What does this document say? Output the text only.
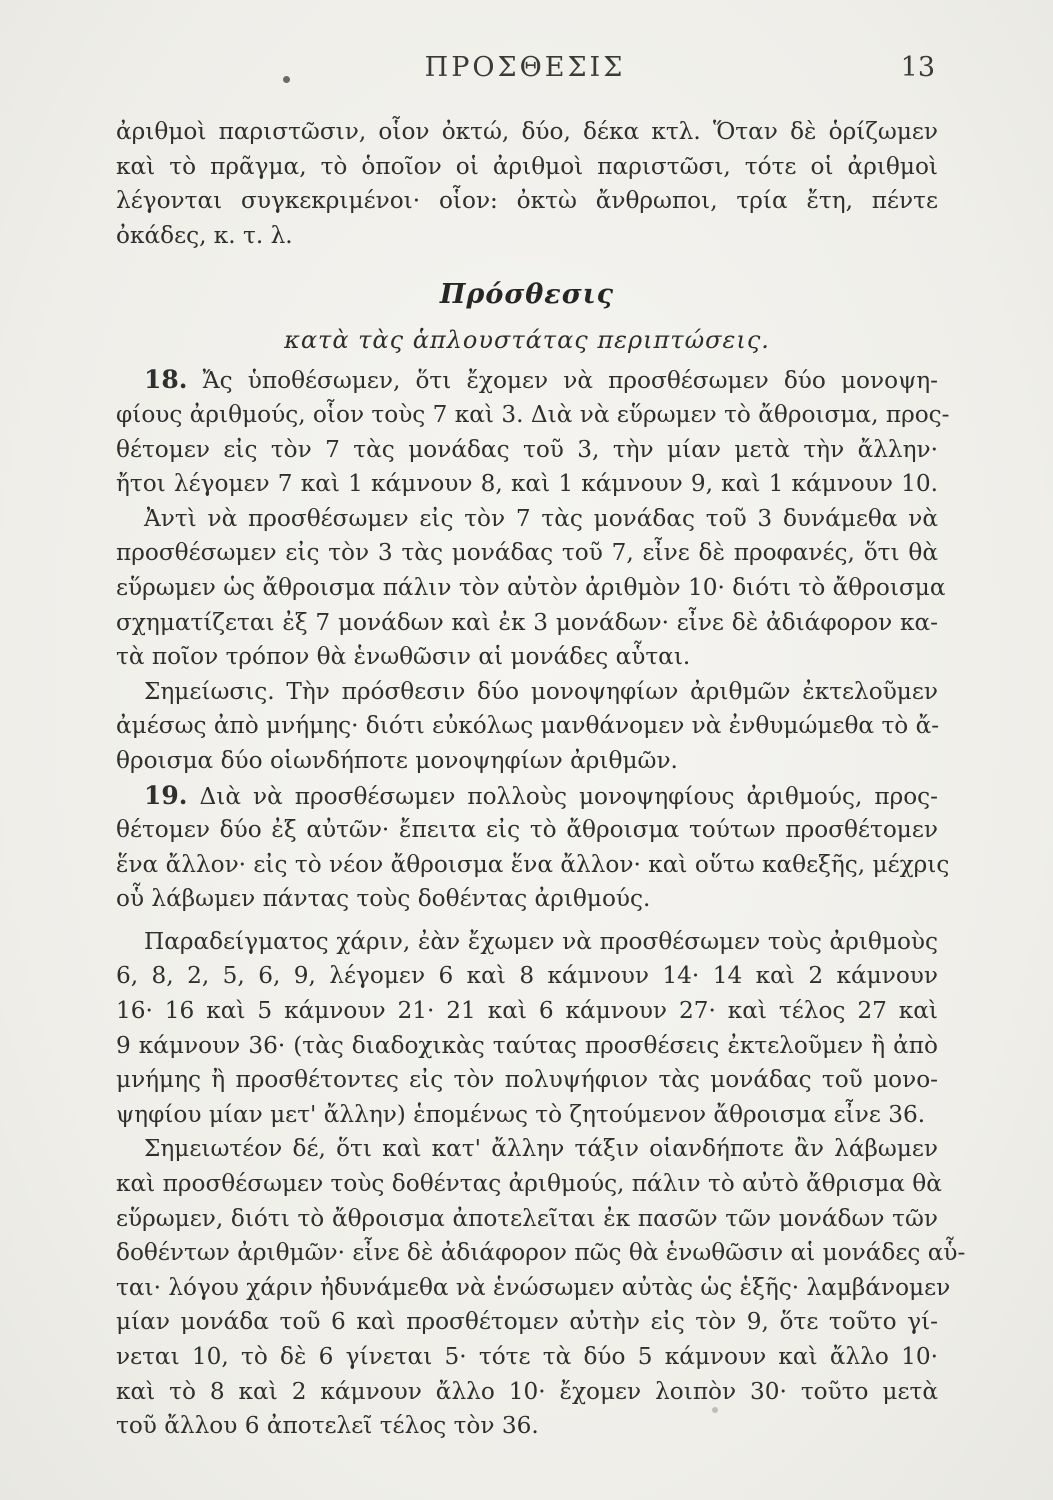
ΠΡΟΣΘΕΣΙΣ	13
ἀριθμοὶ παριστῶσιν, οἷον ὀκτώ, δύο, δέκα κτλ. Ὅταν δὲ ὁρίζωμεν
καὶ τὸ πρᾶγμα, τὸ ὁποῖον οἱ ἀριθμοὶ παριστῶσι, τότε οἱ ἀριθμοὶ
λέγονται συγκεκριμένοι· οἷον: ὀκτὼ ἄνθρωποι, τρία ἔτη, πέντε
ὀκάδες, κ. τ. λ.
Πρόσθεσις
κατὰ τὰς ἁπλουστάτας περιπτώσεις.
18. Ἄς ὑποθέσωμεν, ὅτι ἔχομεν νὰ προσθέσωμεν δύο μονοψη-
φίους ἀριθμούς, οἷον τοὺς 7 καὶ 3. Διὰ νὰ εὕρωμεν τὸ ἄθροισμα, προς-
θέτομεν εἰς τὸν 7 τὰς μονάδας τοῦ 3, τὴν μίαν μετὰ τὴν ἄλλην·
ἤτοι λέγομεν 7 καὶ 1 κάμνουν 8, καὶ 1 κάμνουν 9, καὶ 1 κάμνουν 10.
Ἀντὶ νὰ προσθέσωμεν εἰς τὸν 7 τὰς μονάδας τοῦ 3 δυνάμεθα νὰ
προσθέσωμεν εἰς τὸν 3 τὰς μονάδας τοῦ 7, εἶνε δὲ προφανές, ὅτι θὰ
εὕρωμεν ὡς ἄθροισμα πάλιν τὸν αὐτὸν ἀριθμὸν 10· διότι τὸ ἄθροισμα
σχηματίζεται ἐξ 7 μονάδων καὶ ἐκ 3 μονάδων· εἶνε δὲ ἀδιάφορον κα-
τὰ ποῖον τρόπον θὰ ἑνωθῶσιν αἱ μονάδες αὗται.
Σημείωσις. Τὴν πρόσθεσιν δύο μονοψηφίων ἀριθμῶν ἐκτελοῦμεν
ἀμέσως ἀπὸ μνήμης· διότι εὐκόλως μανθάνομεν νὰ ἐνθυμώμεθα τὸ ἄ-
θροισμα δύο οἱωνδήποτε μονοψηφίων ἀριθμῶν.
19. Διὰ νὰ προσθέσωμεν πολλοὺς μονοψηφίους ἀριθμούς, προς-
θέτομεν δύο ἐξ αὐτῶν· ἔπειτα εἰς τὸ ἄθροισμα τούτων προσθέτομεν
ἕνα ἄλλον· εἰς τὸ νέον ἄθροισμα ἕνα ἄλλον· καὶ οὕτω καθεξῆς, μέχρις
οὗ λάβωμεν πάντας τοὺς δοθέντας ἀριθμούς.
Παραδείγματος χάριν, ἐὰν ἔχωμεν νὰ προσθέσωμεν τοὺς ἀριθμοὺς
6, 8, 2, 5, 6, 9, λέγομεν 6 καὶ 8 κάμνουν 14· 14 καὶ 2 κάμνουν
16· 16 καὶ 5 κάμνουν 21· 21 καὶ 6 κάμνουν 27· καὶ τέλος 27 καὶ
9 κάμνουν 36· (τὰς διαδοχικὰς ταύτας προσθέσεις ἐκτελοῦμεν ἢ ἀπὸ
μνήμης ἢ προσθέτοντες εἰς τὸν πολυψήφιον τὰς μονάδας τοῦ μονο-
ψηφίου μίαν μετ' ἄλλην) ἑπομένως τὸ ζητούμενον ἄθροισμα εἶνε 36.
Σημειωτέον δέ, ὅτι καὶ κατ' ἄλλην τάξιν οἱανδήποτε ἂν λάβωμεν
καὶ προσθέσωμεν τοὺς δοθέντας ἀριθμούς, πάλιν τὸ αὐτὸ ἄθρισμα θὰ
εὕρωμεν, διότι τὸ ἄθροισμα ἀποτελεῖται ἐκ πασῶν τῶν μονάδων τῶν
δοθέντων ἀριθμῶν· εἶνε δὲ ἀδιάφορον πῶς θὰ ἑνωθῶσιν αἱ μονάδες αὗ-
ται· λόγου χάριν ἠδυνάμεθα νὰ ἑνώσωμεν αὐτὰς ὡς ἑξῆς· λαμβάνομεν
μίαν μονάδα τοῦ 6 καὶ προσθέτομεν αὐτὴν εἰς τὸν 9, ὅτε τοῦτο γί-
νεται 10, τὸ δὲ 6 γίνεται 5· τότε τὰ δύο 5 κάμνουν καὶ ἄλλο 10·
καὶ τὸ 8 καὶ 2 κάμνουν ἄλλο 10· ἔχομεν λοιπὸν 30· τοῦτο μετὰ
τοῦ ἄλλου 6 ἀποτελεῖ τέλος τὸν 36.
